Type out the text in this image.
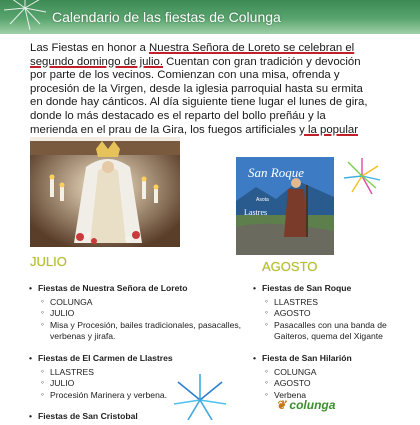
Calendario de las fiestas de Colunga
Las Fiestas en honor a Nuestra Señora de Loreto se celebran el segundo domingo de julio. Cuentan con gran tradición y devoción por parte de los vecinos. Comienzan con una misa, ofrenda y procesión de la Virgen, desde la iglesia parroquial hasta su ermita en donde hay cánticos. Al día siguiente tiene lugar el lunes de gira, donde lo más destacado es el reparto del bollo preñáu y la merienda en el prau de la Gira, los fuegos artificiales y la popular
San Roque
Asota
Lastres
JULIO	AGOSTO
• Fiestas de Nuestra Señora de Loreto
◦ COLUNGA
◦ JULIO
◦ Misa y Procesión, bailes tradicionales, pasacalles, verbenas y jirafa.
• Fiestas de El Carmen de Llastres
◦ LLASTRES
◦ JULIO
◦ Procesión Marinera y verbena.
• Fiestas de San Cristobal
• Fiestas de San Roque
◦ LLASTRES
◦ AGOSTO
◦ Pasacalles con una banda de Gaiteros, quema del Xigante
• Fiesta de San Hilarión
◦ COLUNGA
◦ AGOSTO
◦ Verbena
❦ colunga
